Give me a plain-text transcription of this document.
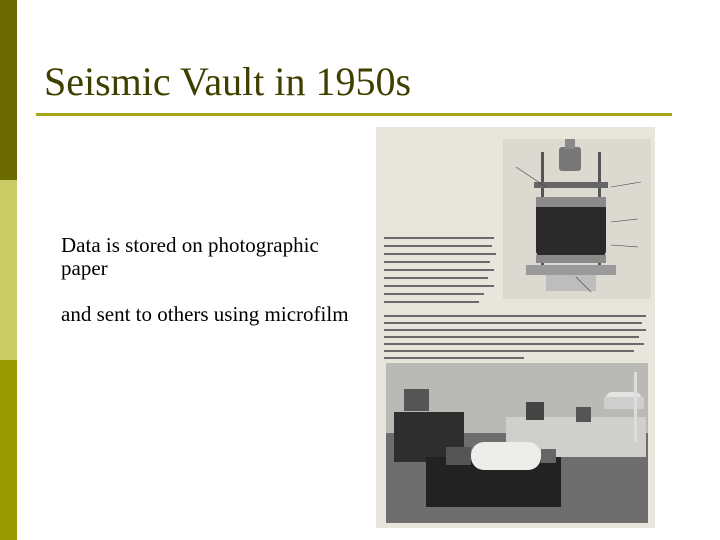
Seismic Vault in 1950s
Data is stored on photographic paper
and sent to others using microfilm
